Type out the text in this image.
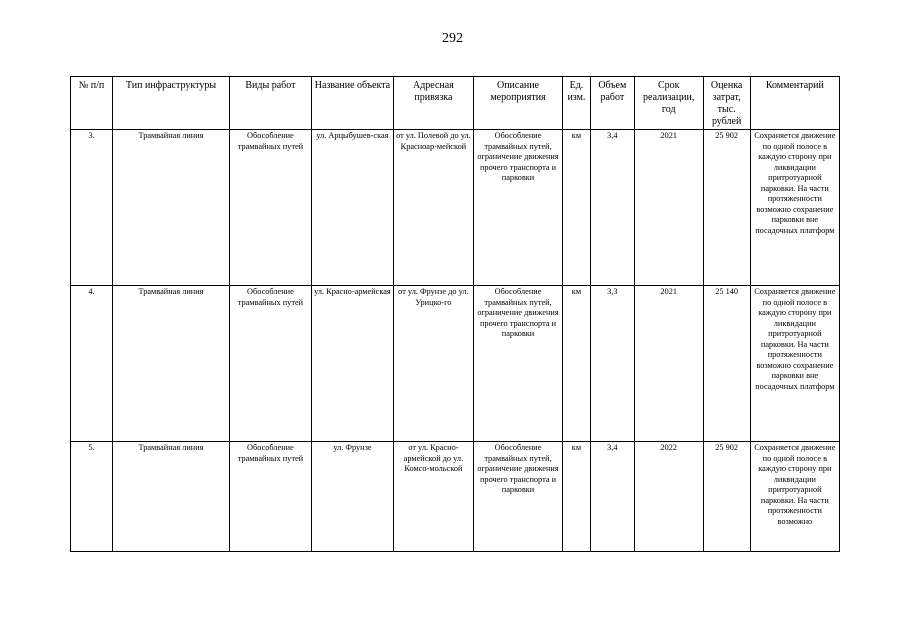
292
№ п/п	Тип инфраструктуры	Виды работ	Название объекта	Адресная привязка	Описание мероприятия	Ед. изм.	Объем работ	Срок реализации, год	Оценка затрат, тыс. рублей	Комментарий

3.	Трамвайная линия	Обособление трамвайных путей	ул. Арцыбушев-ская	от ул. Полевой до ул. Красноар-мейской	Обособление трамвайных путей, ограничение движения прочего транспорта и парковки	км	3,4	2021	25 902	Сохраняется движение по одной полосе в каждую сторону при ликвидации притротуарной парковки. На части протяженности возможно сохранение парковки вне посадочных платформ

4.	Трамвайная линия	Обособление трамвайных путей	ул. Красно-армейская	от ул. Фрунзе до ул. Урицко-го	Обособление трамвайных путей, ограничение движения прочего транспорта и парковки	км	3,3	2021	25 140	Сохраняется движение по одной полосе в каждую сторону при ликвидации притротуарной парковки. На части протяженности возможно сохранение парковки вне посадочных платформ

5.	Трамвайная линия	Обособление трамвайных путей	ул. Фрунзе	от ул. Красно-армейской до ул. Комсо-мольской	Обособление трамвайных путей, ограничение движения прочего транспорта и парковки	км	3,4	2022	25 902	Сохраняется движение по одной полосе в каждую сторону при ликвидации притротуарной парковки. На части протяженности возможно
